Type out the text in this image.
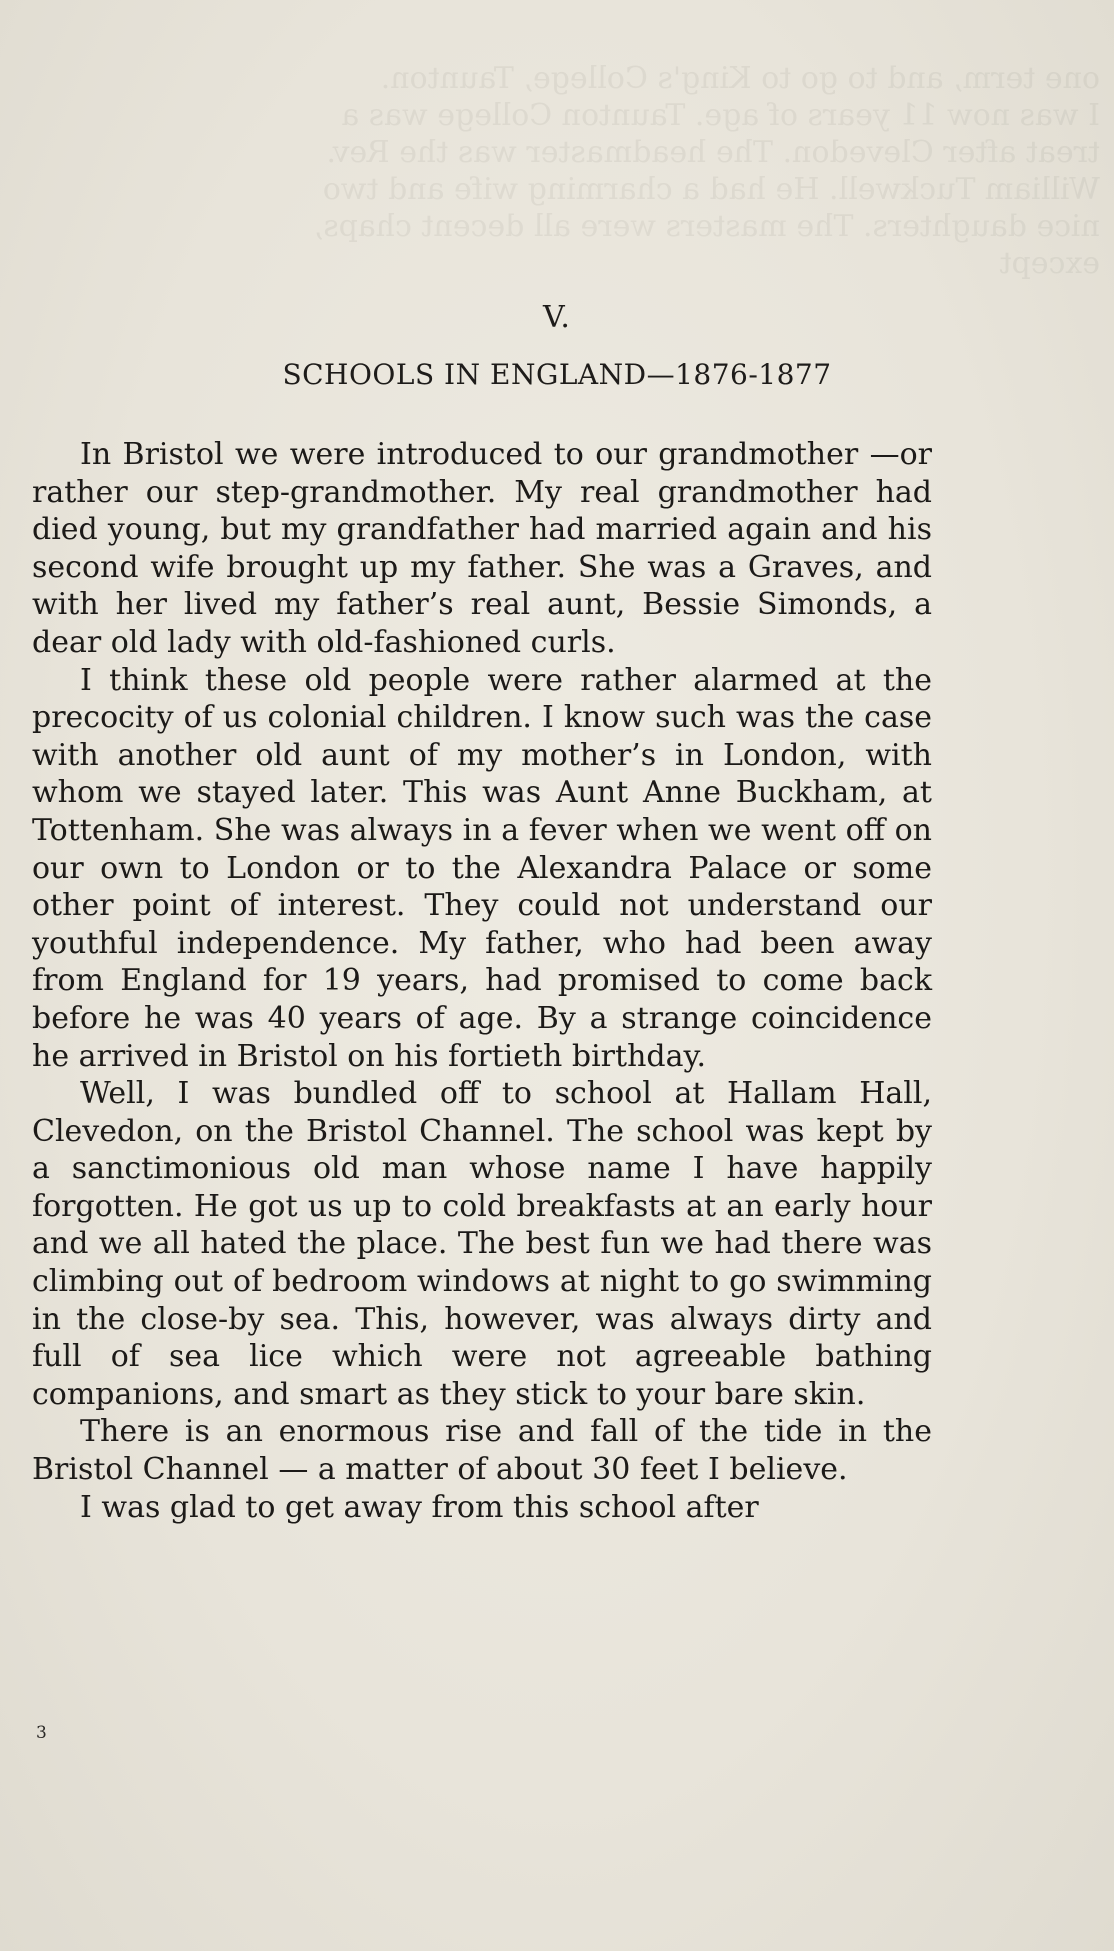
one term, and to go to King's College, Taunton.
I was now 11 years of age. Taunton College was a
treat after Clevedon. The headmaster was the Rev.
William Tuckwell. He had a charming wife and two
nice daughters. The masters were all decent chaps,
except
V.
SCHOOLS IN ENGLAND—1876-1877

In Bristol we were introduced to our grandmother —or rather our step-grandmother. My real grandmother had died young, but my grandfather had married again and his second wife brought up my father. She was a Graves, and with her lived my father’s real aunt, Bessie Simonds, a dear old lady with old-fashioned curls.

I think these old people were rather alarmed at the precocity of us colonial children. I know such was the case with another old aunt of my mother’s in London, with whom we stayed later. This was Aunt Anne Buckham, at Tottenham. She was always in a fever when we went off on our own to London or to the Alexandra Palace or some other point of interest. They could not understand our youthful independence. My father, who had been away from England for 19 years, had promised to come back before he was 40 years of age. By a strange coincidence he arrived in Bristol on his fortieth birthday.

Well, I was bundled off to school at Hallam Hall, Clevedon, on the Bristol Channel. The school was kept by a sanctimonious old man whose name I have happily forgotten. He got us up to cold breakfasts at an early hour and we all hated the place. The best fun we had there was climbing out of bedroom windows at night to go swimming in the close-by sea. This, however, was always dirty and full of sea lice which were not agreeable bathing companions, and smart as they stick to your bare skin.

There is an enormous rise and fall of the tide in the Bristol Channel — a matter of about 30 feet I believe.

I was glad to get away from this school after

3
